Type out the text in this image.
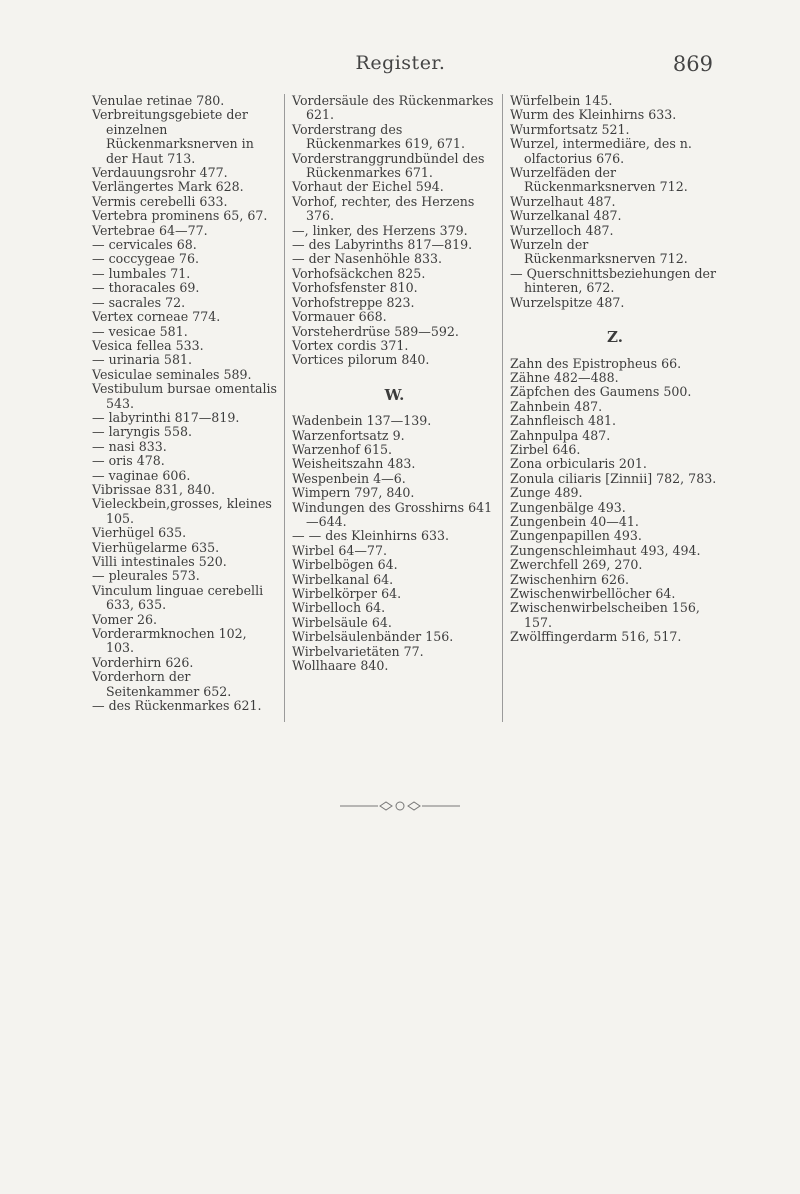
Register.	869
Venulae retinae 780.
Verbreitungsgebiete der einzelnen Rückenmarksnerven in der Haut 713.
Verdauungsrohr 477.
Verlängertes Mark 628.
Vermis cerebelli 633.
Vertebra prominens 65, 67.
Vertebrae 64—77.
— cervicales 68.
— coccygeae 76.
— lumbales 71.
— thoracales 69.
— sacrales 72.
Vertex corneae 774.
— vesicae 581.
Vesica fellea 533.
— urinaria 581.
Vesiculae seminales 589.
Vestibulum bursae omentalis 543.
— labyrinthi 817—819.
— laryngis 558.
— nasi 833.
— oris 478.
— vaginae 606.
Vibrissae 831, 840.
Vieleckbein,grosses, kleines 105.
Vierhügel 635.
Vierhügelarme 635.
Villi intestinales 520.
— pleurales 573.
Vinculum linguae cerebelli 633, 635.
Vomer 26.
Vorderarmknochen 102, 103.
Vorderhirn 626.
Vorderhorn der Seitenkammer 652.
— des Rückenmarkes 621.
Vordersäule des Rückenmarkes 621.
Vorderstrang des Rückenmarkes 619, 671.
Vorderstranggrundbündel des Rückenmarkes 671.
Vorhaut der Eichel 594.
Vorhof, rechter, des Herzens 376.
—, linker, des Herzens 379.
— des Labyrinths 817—819.
— der Nasenhöhle 833.
Vorhofsäckchen 825.
Vorhofsfenster 810.
Vorhofstreppe 823.
Vormauer 668.
Vorsteherdrüse 589—592.
Vortex cordis 371.
Vortices pilorum 840.
W.
Wadenbein 137—139.
Warzenfortsatz 9.
Warzenhof 615.
Weisheitszahn 483.
Wespenbein 4—6.
Wimpern 797, 840.
Windungen des Grosshirns 641—644.
— — des Kleinhirns 633.
Wirbel 64—77.
Wirbelbögen 64.
Wirbelkanal 64.
Wirbelkörper 64.
Wirbelloch 64.
Wirbelsäule 64.
Wirbelsäulenbänder 156.
Wirbelvarietäten 77.
Wollhaare 840.
Würfelbein 145.
Wurm des Kleinhirns 633.
Wurmfortsatz 521.
Wurzel, intermediäre, des n. olfactorius 676.
Wurzelfäden der Rückenmarksnerven 712.
Wurzelhaut 487.
Wurzelkanal 487.
Wurzelloch 487.
Wurzeln der Rückenmarksnerven 712.
— Querschnittsbeziehungen der hinteren, 672.
Wurzelspitze 487.
Z.
Zahn des Epistropheus 66.
Zähne 482—488.
Zäpfchen des Gaumens 500.
Zahnbein 487.
Zahnfleisch 481.
Zahnpulpa 487.
Zirbel 646.
Zona orbicularis 201.
Zonula ciliaris [Zinnii] 782, 783.
Zunge 489.
Zungenbälge 493.
Zungenbein 40—41.
Zungenpapillen 493.
Zungenschleimhaut 493, 494.
Zwerchfell 269, 270.
Zwischenhirn 626.
Zwischenwirbellöcher 64.
Zwischenwirbelscheiben 156, 157.
Zwölffingerdarm 516, 517.
